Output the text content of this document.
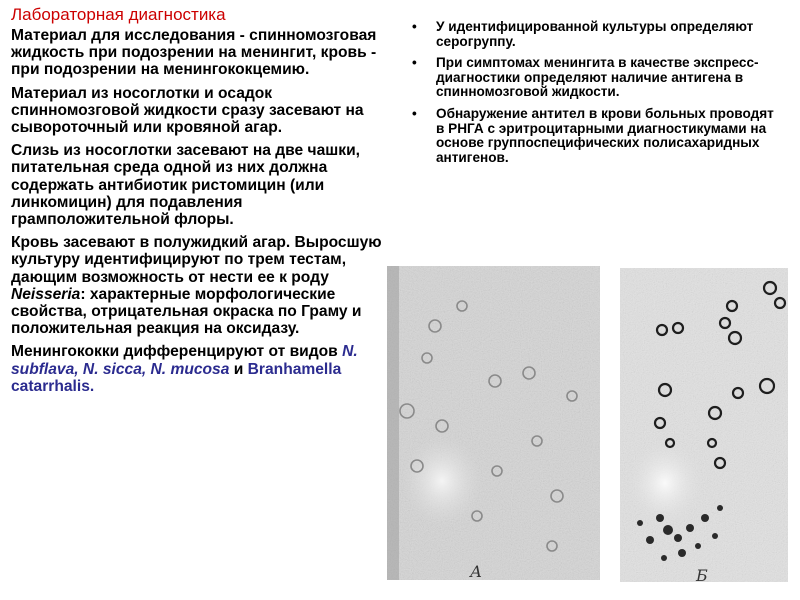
Лабораторная диагностика

Материал для исследования - спинномозговая жидкость при подозрении на менингит, кровь - при подозрении на менингококцемию.

Материал из носоглотки и осадок спинномозговой жидкости сразу засевают на сывороточный или кровяной агар.

Слизь из носоглотки засевают на две чашки, питательная среда одной из них должна содержать антибиотик ристомицин (или линкомицин) для подавления грамположительной флоры.

Кровь засевают в полужидкий агар. Выросшую культуру идентифицируют по трем тестам, дающим возможность от нести ее к роду Neisseria: характерные морфологические свойства, отрицательная окраска по Граму и положительная реакция на оксидазу.

Менингококки дифференцируют от видов N. subflava, N. sicca, N. mucosa и Branhamella catarrhalis.

• У идентифицированной культуры определяют серогруппу.
• При симптомах менингита в качестве экспресс-диагностики определяют наличие антигена в спинномозговой жидкости.
• Обнаружение антител в крови больных проводят в РНГА с эритроцитарными диагностикумами на основе группоспецифических полисахаридных антигенов.
А	Б
